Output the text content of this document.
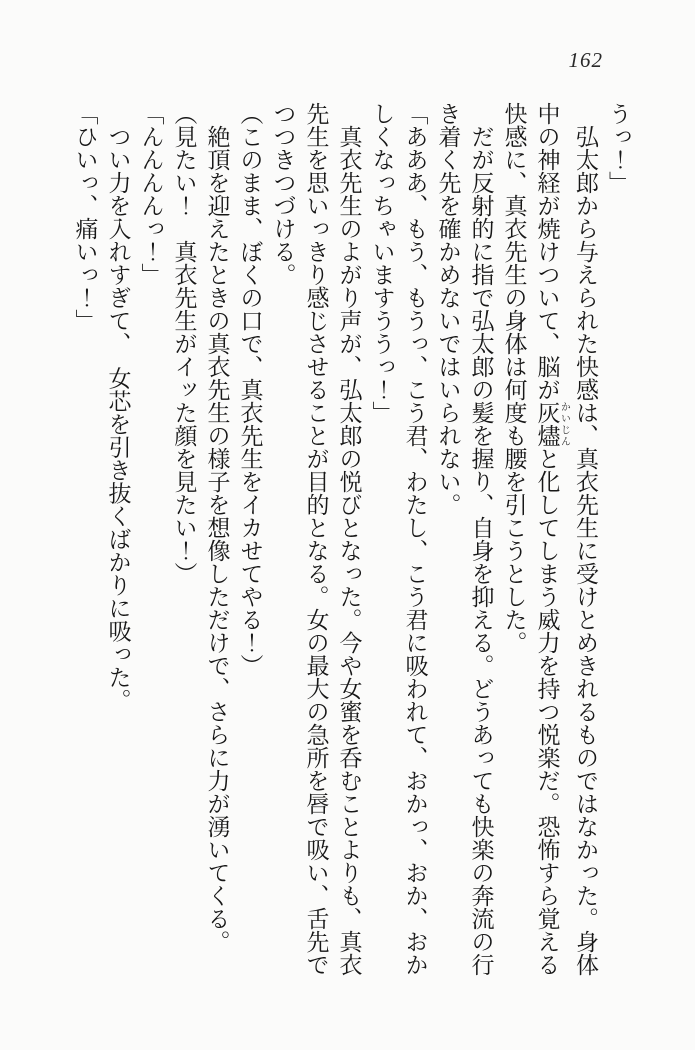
162
うっ！」
弘太郎から与えられた快感は、真衣先生に受けとめきれるものではなかった。身体
中の神経が焼けついて、脳が灰燼 かいじんと化してしまう威力を持つ悦楽だ。恐怖すら覚える
快感に、真衣先生の身体は何度も腰を引こうとした。
だが反射的に指で弘太郎の髪を握り、自身を抑える。どうあっても快楽の奔流の行
き着く先を確かめないではいられない。
「あああ、もう、もうっ、こう君、わたし、こう君に吸われて、おかっ、おか、おか
しくなっちゃいますううっ！」
真衣先生のよがり声が、弘太郎の悦びとなった。今や女蜜を呑むことよりも、真衣
先生を思いっきり感じさせることが目的となる。女の最大の急所を唇で吸い、舌先で
つつきつづける。
（このまま、ぼくの口で、真衣先生をイカせてやる！）
絶頂を迎えたときの真衣先生の様子を想像しただけで、さらに力が湧いてくる。
（見たい！　真衣先生がイッた顔を見たい！）
「んんんんっ！」
つい力を入れすぎて、　女芯を引き抜くばかりに吸った。
「ひいっ、痛いっ！」
